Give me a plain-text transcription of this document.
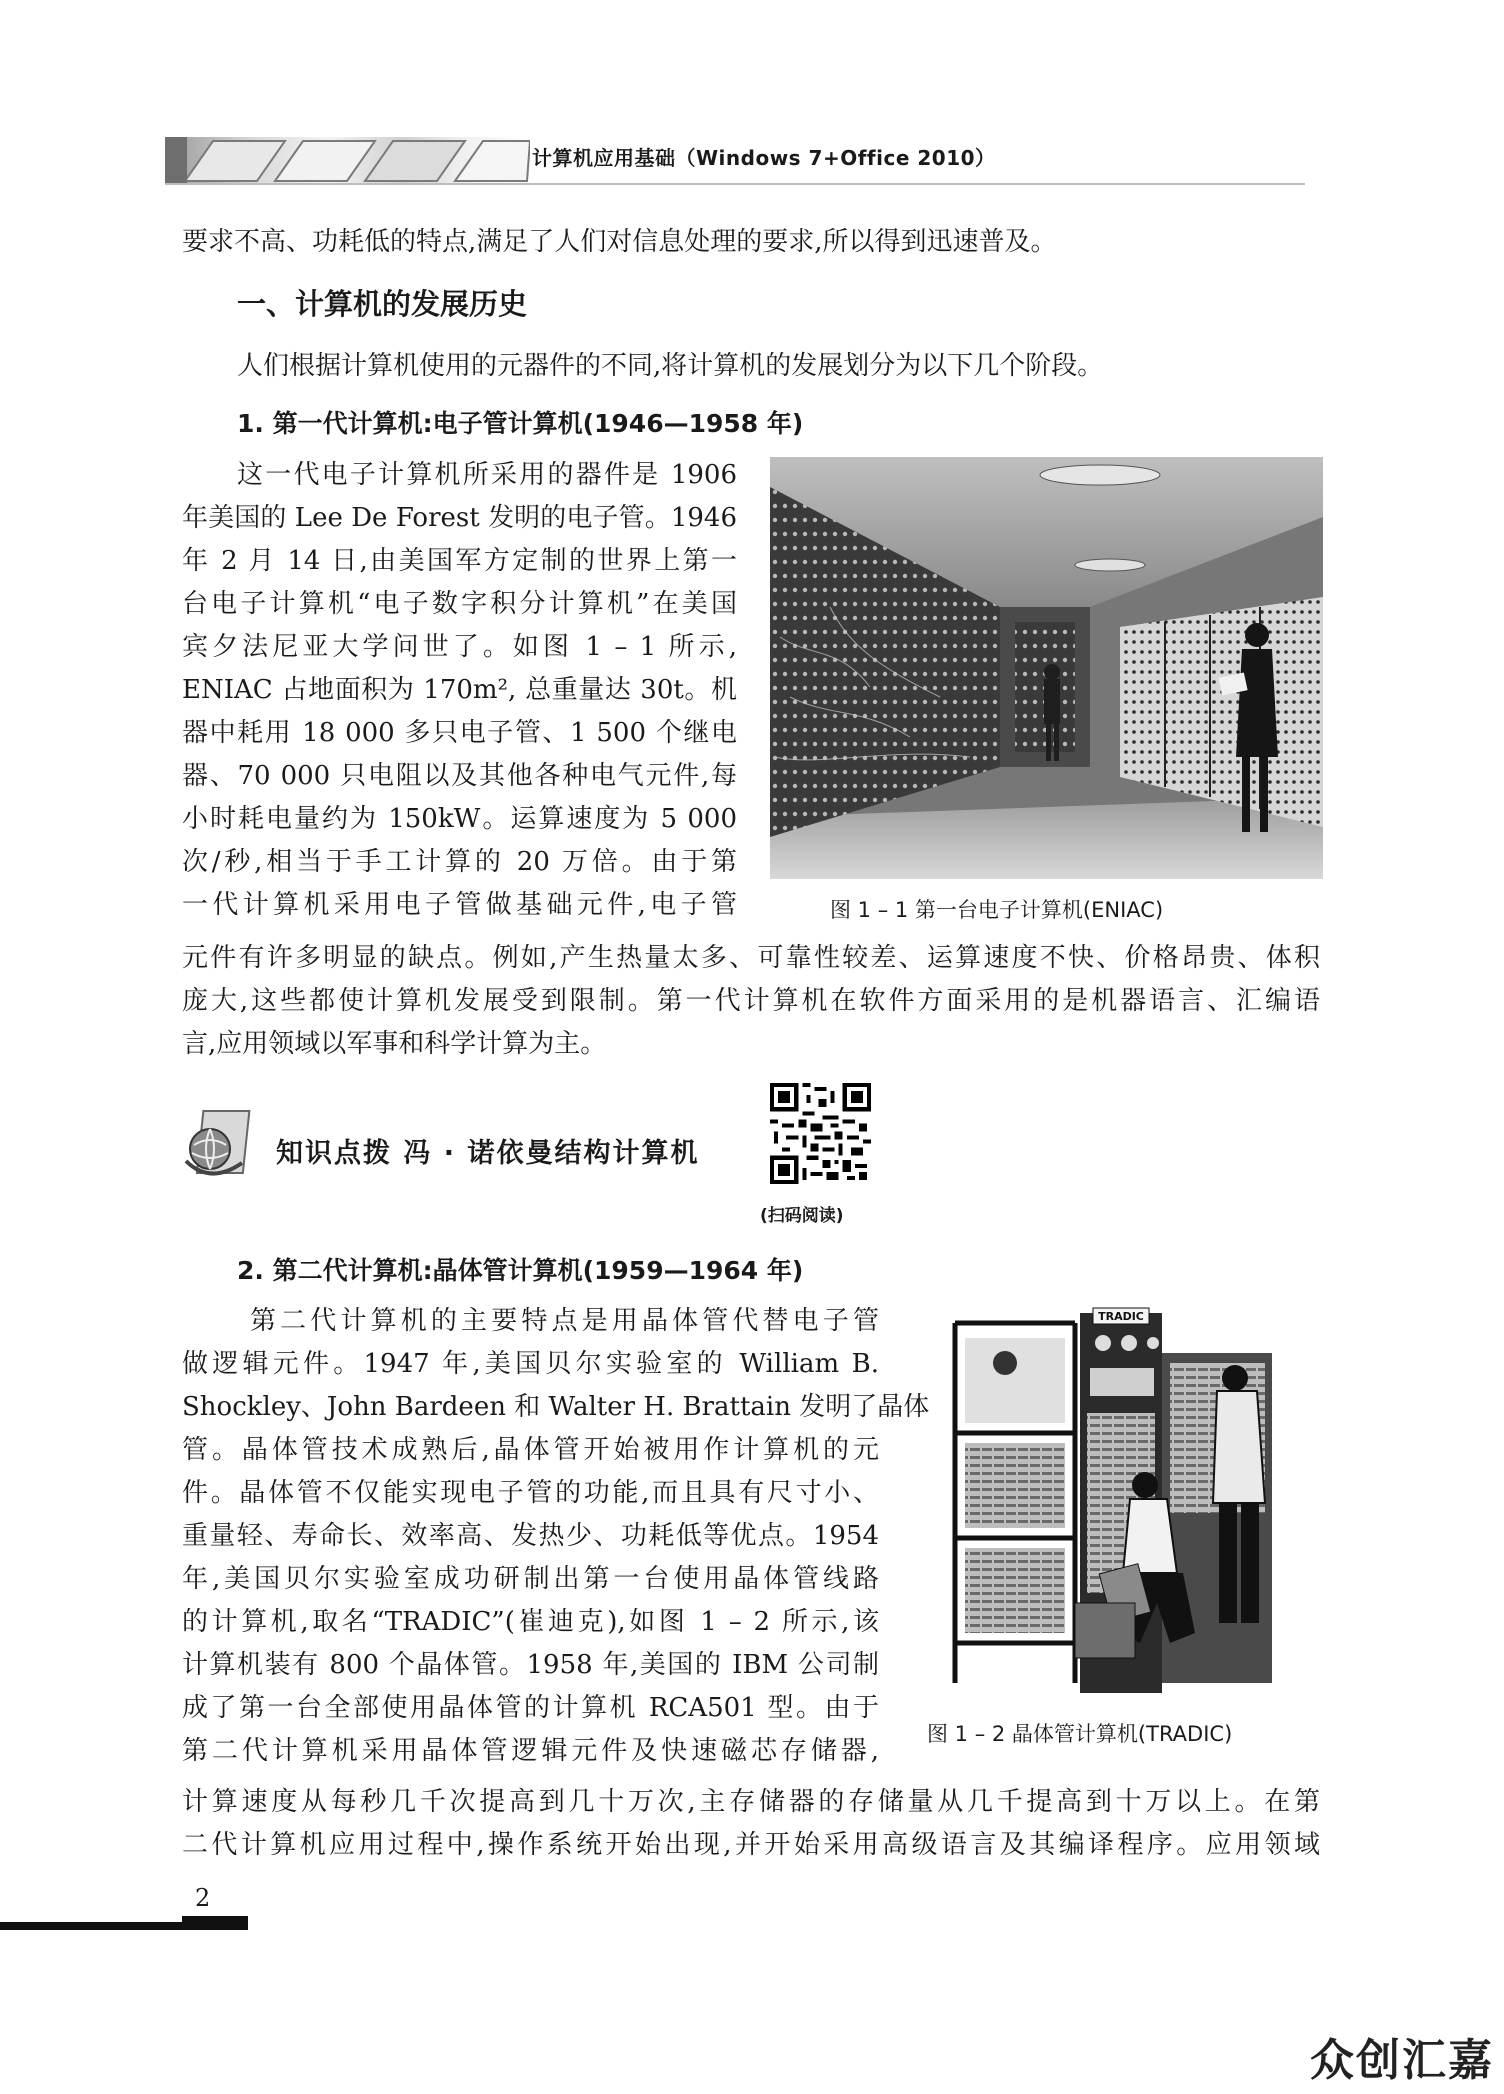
计算机应用基础（Windows 7+Office 2010）
要求不高、功耗低的特点,满足了人们对信息处理的要求,所以得到迅速普及。
一、计算机的发展历史
人们根据计算机使用的元器件的不同,将计算机的发展划分为以下几个阶段。
1. 第一代计算机:电子管计算机(1946—1958 年)
这一代电子计算机所采用的器件是 1906
年美国的 Lee De Forest 发明的电子管。1946
年 2 月 14 日,由美国军方定制的世界上第一
台电子计算机“电子数字积分计算机”在美国
宾夕法尼亚大学问世了。如图 1 – 1 所示,
ENIAC 占地面积为 170m², 总重量达 30t。机
器中耗用 18 000 多只电子管、1 500 个继电
器、70 000 只电阻以及其他各种电气元件,每
小时耗电量约为 150kW。运算速度为 5 000
次/秒,相当于手工计算的 20 万倍。由于第
一代计算机采用电子管做基础元件,电子管	图 1 – 1 第一台电子计算机(ENIAC)
元件有许多明显的缺点。例如,产生热量太多、可靠性较差、运算速度不快、价格昂贵、体积
庞大,这些都使计算机发展受到限制。第一代计算机在软件方面采用的是机器语言、汇编语
言,应用领域以军事和科学计算为主。
知识点拨 冯 · 诺依曼结构计算机
(扫码阅读)
2. 第二代计算机:晶体管计算机(1959—1964 年)
第二代计算机的主要特点是用晶体管代替电子管
做逻辑元件。1947 年,美国贝尔实验室的 William B.
Shockley、John Bardeen 和 Walter H. Brattain 发明了晶体
管。晶体管技术成熟后,晶体管开始被用作计算机的元
件。晶体管不仅能实现电子管的功能,而且具有尺寸小、
重量轻、寿命长、效率高、发热少、功耗低等优点。1954
年,美国贝尔实验室成功研制出第一台使用晶体管线路
的计算机,取名“TRADIC”(崔迪克),如图 1 – 2 所示,该
计算机装有 800 个晶体管。1958 年,美国的 IBM 公司制
成了第一台全部使用晶体管的计算机 RCA501 型。由于
第二代计算机采用晶体管逻辑元件及快速磁芯存储器,
TRADIC
图 1 – 2 晶体管计算机(TRADIC)
计算速度从每秒几千次提高到几十万次,主存储器的存储量从几千提高到十万以上。在第
二代计算机应用过程中,操作系统开始出现,并开始采用高级语言及其编译程序。应用领域
2
众创汇嘉
